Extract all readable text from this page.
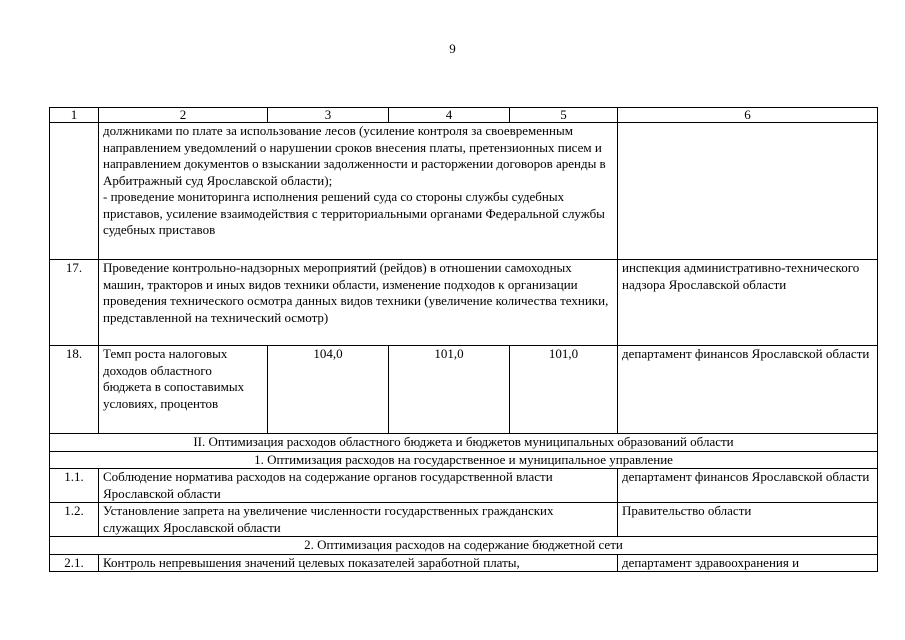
9
1	2	3	4	5	6
	должниками по плате за использование лесов (усиление контроля за своевременным направлением уведомлений о нарушении сроков внесения платы, претензионных писем и направлением документов о взыскании задолженности и расторжении договоров аренды в Арбитражный суд Ярославской области);
- проведение мониторинга исполнения решений суда со стороны службы судебных приставов, усиление взаимодействия с территориальными органами Федеральной службы судебных приставов				
17.	Проведение контрольно-надзорных мероприятий (рейдов) в отношении самоходных машин, тракторов и иных видов техники области, изменение подходов к организации проведения технического осмотра данных видов техники (увеличение количества техники, представленной на технический осмотр)				инспекция административно-технического надзора Ярославской области
18.	Темп роста налоговых доходов областного бюджета в сопоставимых условиях, процентов	104,0	101,0	101,0	департамент финансов Ярославской области
II. Оптимизация расходов областного бюджета и бюджетов муниципальных образований области					
1. Оптимизация расходов на государственное и муниципальное управление					
1.1.	Соблюдение норматива расходов на содержание органов государственной власти Ярославской области				департамент финансов Ярославской области
1.2.	Установление запрета на увеличение численности государственных гражданских служащих Ярославской области				Правительство области
2. Оптимизация расходов на содержание бюджетной сети					
2.1.	Контроль непревышения значений целевых показателей заработной платы,				департамент здравоохранения и
